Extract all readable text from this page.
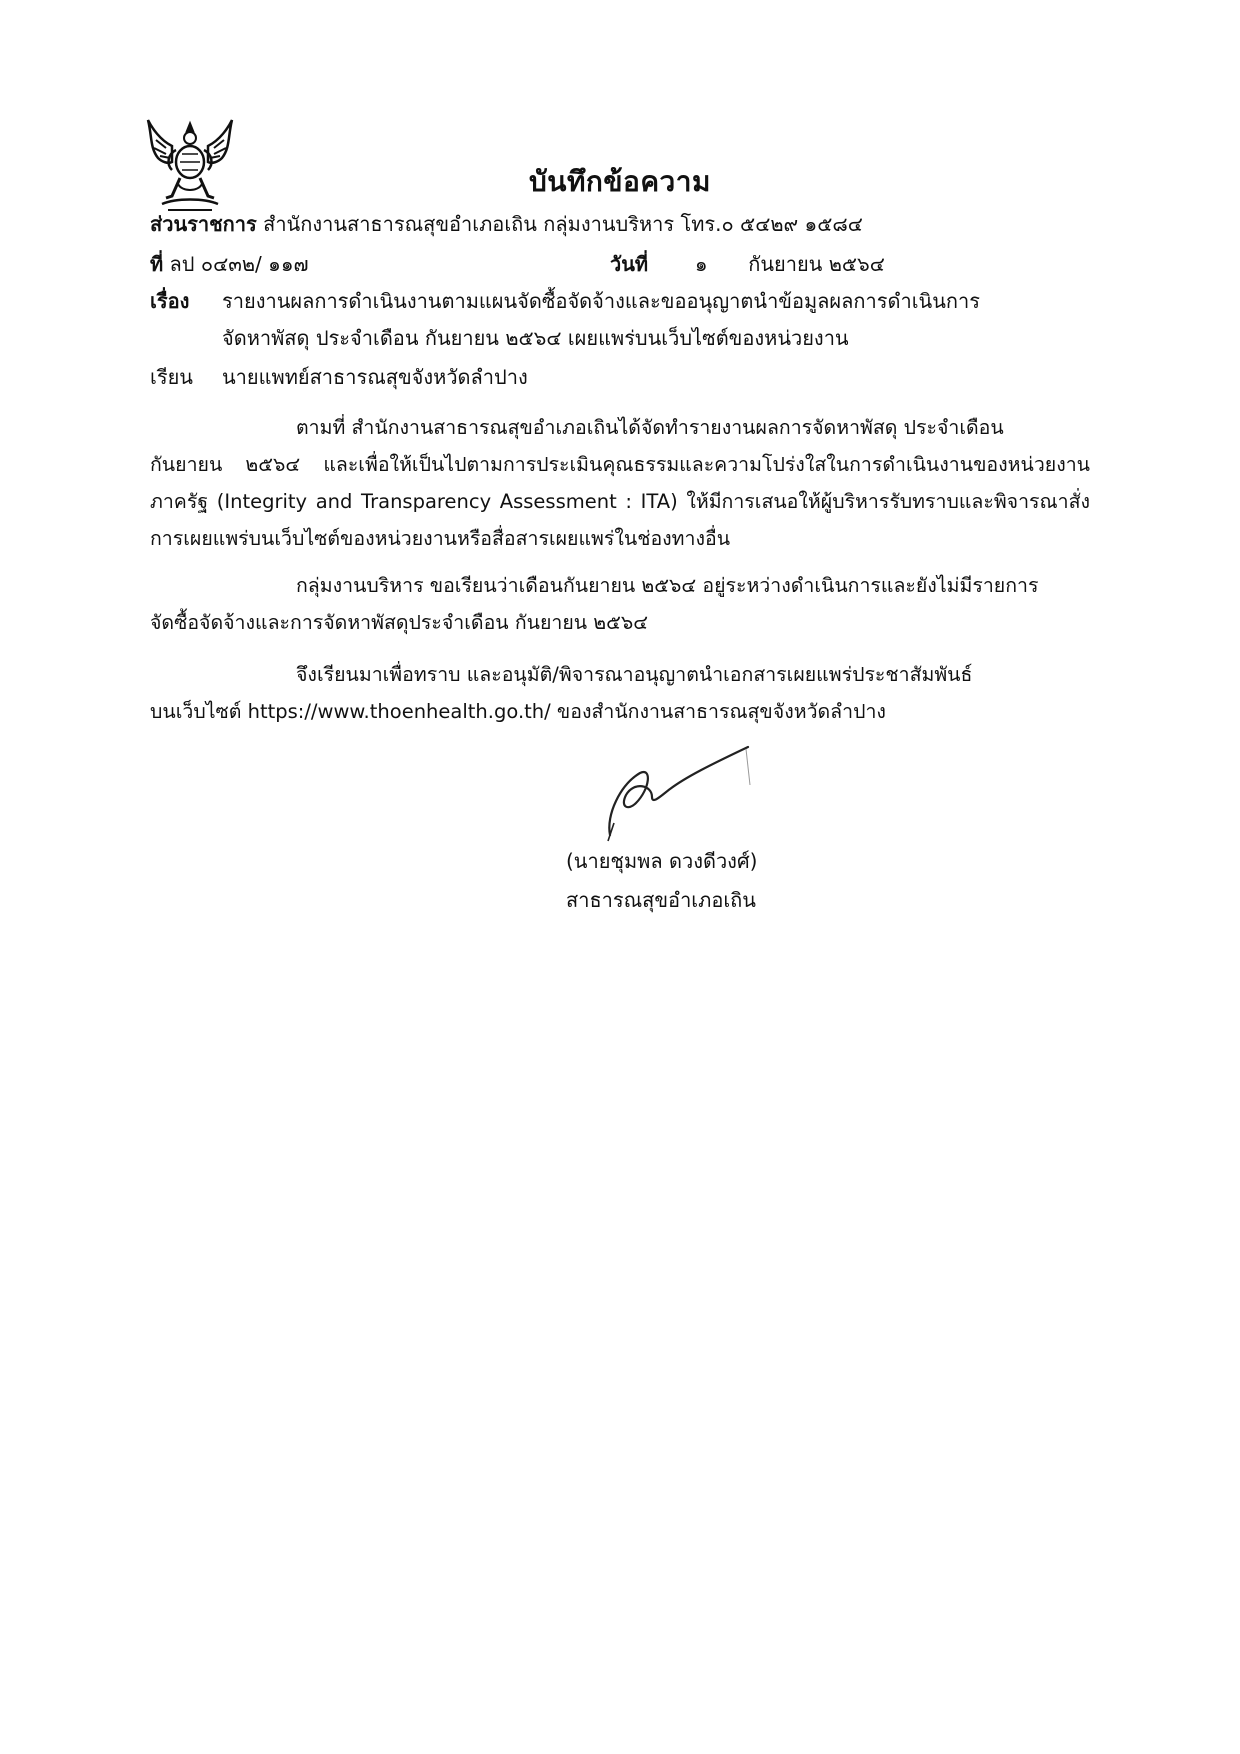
บันทึกข้อความ
ส่วนราชการ สำนักงานสาธารณสุขอำเภอเถิน กลุ่มงานบริหาร โทร.๐ ๕๔๒๙ ๑๕๘๔
ที่ ลป ๐๔๓๒/ ๑๑๗	วันที่ ๑ กันยายน ๒๕๖๔
เรื่อง รายงานผลการดำเนินงานตามแผนจัดซื้อจัดจ้างและขออนุญาตนำข้อมูลผลการดำเนินการ
จัดหาพัสดุ ประจำเดือน กันยายน ๒๕๖๔ เผยแพร่บนเว็บไซต์ของหน่วยงาน
เรียน นายแพทย์สาธารณสุขจังหวัดลำปาง
ตามที่ สำนักงานสาธารณสุขอำเภอเถินได้จัดทำรายงานผลการจัดหาพัสดุ ประจำเดือน
กันยายน ๒๕๖๔ และเพื่อให้เป็นไปตามการประเมินคุณธรรมและความโปร่งใสในการดำเนินงานของหน่วยงานภาครัฐ (Integrity and Transparency Assessment : ITA) ให้มีการเสนอให้ผู้บริหารรับทราบและพิจารณาสั่งการเผยแพร่บนเว็บไซต์ของหน่วยงานหรือสื่อสารเผยแพร่ในช่องทางอื่น
กลุ่มงานบริหาร ขอเรียนว่าเดือนกันยายน ๒๕๖๔ อยู่ระหว่างดำเนินการและยังไม่มีรายการ
จัดซื้อจัดจ้างและการจัดหาพัสดุประจำเดือน กันยายน ๒๕๖๔
จึงเรียนมาเพื่อทราบ และอนุมัติ/พิจารณาอนุญาตนำเอกสารเผยแพร่ประชาสัมพันธ์
บนเว็บไซต์ https://www.thoenhealth.go.th/ ของสำนักงานสาธารณสุขจังหวัดลำปาง
(นายชุมพล ดวงดีวงศ์)
สาธารณสุขอำเภอเถิน
